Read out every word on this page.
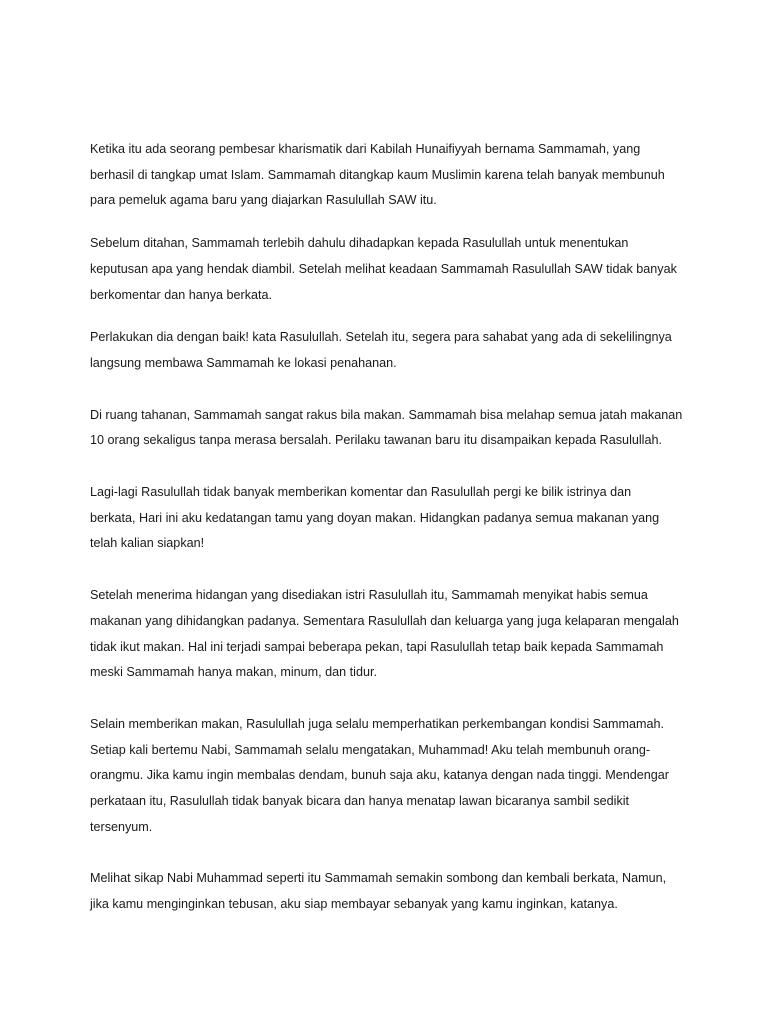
Ketika itu ada seorang pembesar kharismatik dari Kabilah Hunaifiyyah bernama Sammamah, yang
berhasil di tangkap umat Islam. Sammamah ditangkap kaum Muslimin karena telah banyak membunuh
para pemeluk agama baru yang diajarkan Rasulullah SAW itu.

Sebelum ditahan, Sammamah terlebih dahulu dihadapkan kepada Rasulullah untuk menentukan
keputusan apa yang hendak diambil. Setelah melihat keadaan Sammamah Rasulullah SAW tidak banyak
berkomentar dan hanya berkata.

Perlakukan dia dengan baik! kata Rasulullah. Setelah itu, segera para sahabat yang ada di sekelilingnya
langsung membawa Sammamah ke lokasi penahanan.

Di ruang tahanan, Sammamah sangat rakus bila makan. Sammamah bisa melahap semua jatah makanan
10 orang sekaligus tanpa merasa bersalah. Perilaku tawanan baru itu disampaikan kepada Rasulullah.

Lagi-lagi Rasulullah tidak banyak memberikan komentar dan Rasulullah pergi ke bilik istrinya dan
berkata, Hari ini aku kedatangan tamu yang doyan makan. Hidangkan padanya semua makanan yang
telah kalian siapkan!

Setelah menerima hidangan yang disediakan istri Rasulullah itu, Sammamah menyikat habis semua
makanan yang dihidangkan padanya. Sementara Rasulullah dan keluarga yang juga kelaparan mengalah
tidak ikut makan. Hal ini terjadi sampai beberapa pekan, tapi Rasulullah tetap baik kepada Sammamah
meski Sammamah hanya makan, minum, dan tidur.

Selain memberikan makan, Rasulullah juga selalu memperhatikan perkembangan kondisi Sammamah.
Setiap kali bertemu Nabi, Sammamah selalu mengatakan, Muhammad! Aku telah membunuh orang-
orangmu. Jika kamu ingin membalas dendam, bunuh saja aku, katanya dengan nada tinggi. Mendengar
perkataan itu, Rasulullah tidak banyak bicara dan hanya menatap lawan bicaranya sambil sedikit
tersenyum.

Melihat sikap Nabi Muhammad seperti itu Sammamah semakin sombong dan kembali berkata, Namun,
jika kamu menginginkan tebusan, aku siap membayar sebanyak yang kamu inginkan, katanya.
